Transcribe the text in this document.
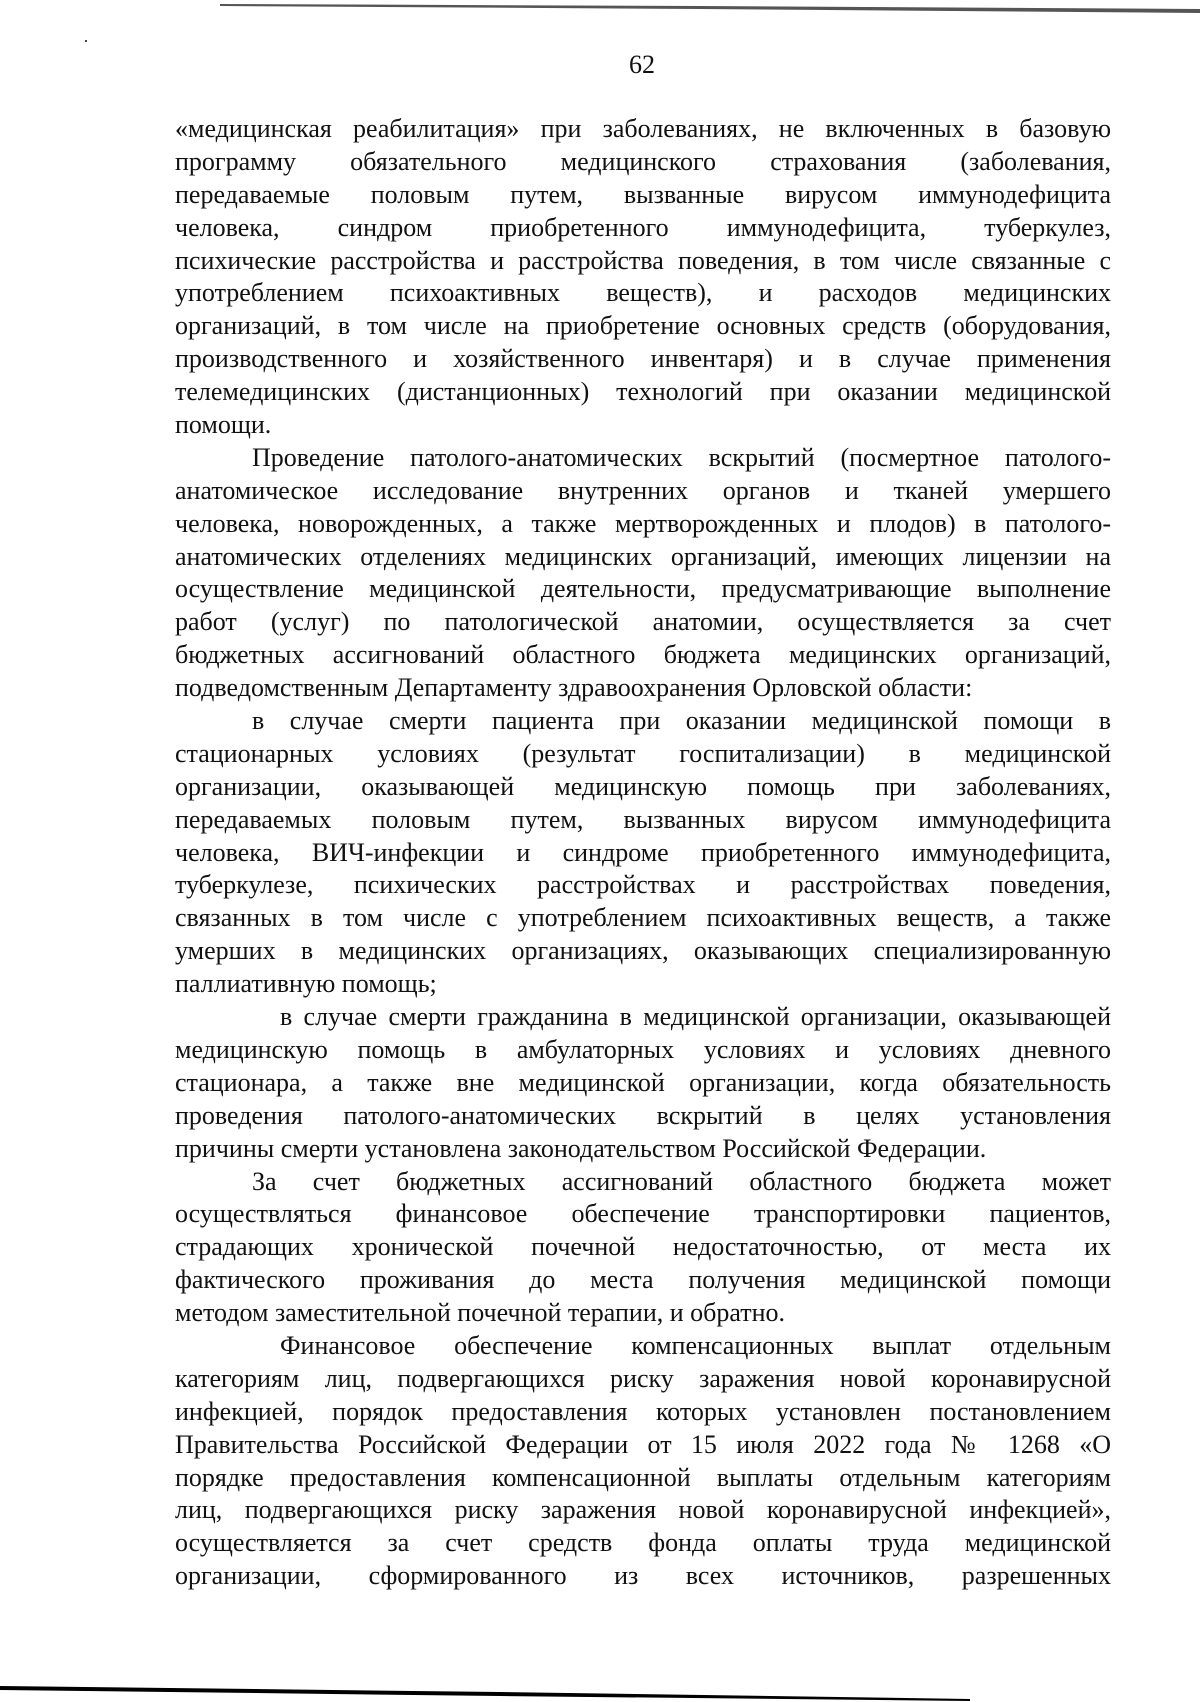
62
«медицинская реабилитация» при заболеваниях, не включенных в базовую
программу обязательного медицинского страхования (заболевания,
передаваемые половым путем, вызванные вирусом иммунодефицита
человека, синдром приобретенного иммунодефицита, туберкулез,
психические расстройства и расстройства поведения, в том числе связанные с
употреблением психоактивных веществ), и расходов медицинских
организаций, в том числе на приобретение основных средств (оборудования,
производственного и хозяйственного инвентаря) и в случае применения
телемедицинских (дистанционных) технологий при оказании медицинской
помощи.
Проведение патолого-анатомических вскрытий (посмертное патолого-
анатомическое исследование внутренних органов и тканей умершего
человека, новорожденных, а также мертворожденных и плодов) в патолого-
анатомических отделениях медицинских организаций, имеющих лицензии на
осуществление медицинской деятельности, предусматривающие выполнение
работ (услуг) по патологической анатомии, осуществляется за счет
бюджетных ассигнований областного бюджета медицинских организаций,
подведомственным Департаменту здравоохранения Орловской области:
в случае смерти пациента при оказании медицинской помощи в
стационарных условиях (результат госпитализации) в медицинской
организации, оказывающей медицинскую помощь при заболеваниях,
передаваемых половым путем, вызванных вирусом иммунодефицита
человека, ВИЧ-инфекции и синдроме приобретенного иммунодефицита,
туберкулезе, психических расстройствах и расстройствах поведения,
связанных в том числе с употреблением психоактивных веществ, а также
умерших в медицинских организациях, оказывающих специализированную
паллиативную помощь;
в случае смерти гражданина в медицинской организации, оказывающей
медицинскую помощь в амбулаторных условиях и условиях дневного
стационара, а также вне медицинской организации, когда обязательность
проведения патолого-анатомических вскрытий в целях установления
причины смерти установлена законодательством Российской Федерации.
За счет бюджетных ассигнований областного бюджета может
осуществляться финансовое обеспечение транспортировки пациентов,
страдающих хронической почечной недостаточностью, от места их
фактического проживания до места получения медицинской помощи
методом заместительной почечной терапии, и обратно.
Финансовое обеспечение компенсационных выплат отдельным
категориям лиц, подвергающихся риску заражения новой коронавирусной
инфекцией, порядок предоставления которых установлен постановлением
Правительства Российской Федерации от 15 июля 2022 года № 1268 «О
порядке предоставления компенсационной выплаты отдельным категориям
лиц, подвергающихся риску заражения новой коронавирусной инфекцией»,
осуществляется за счет средств фонда оплаты труда медицинской
организации, сформированного из всех источников, разрешенных
